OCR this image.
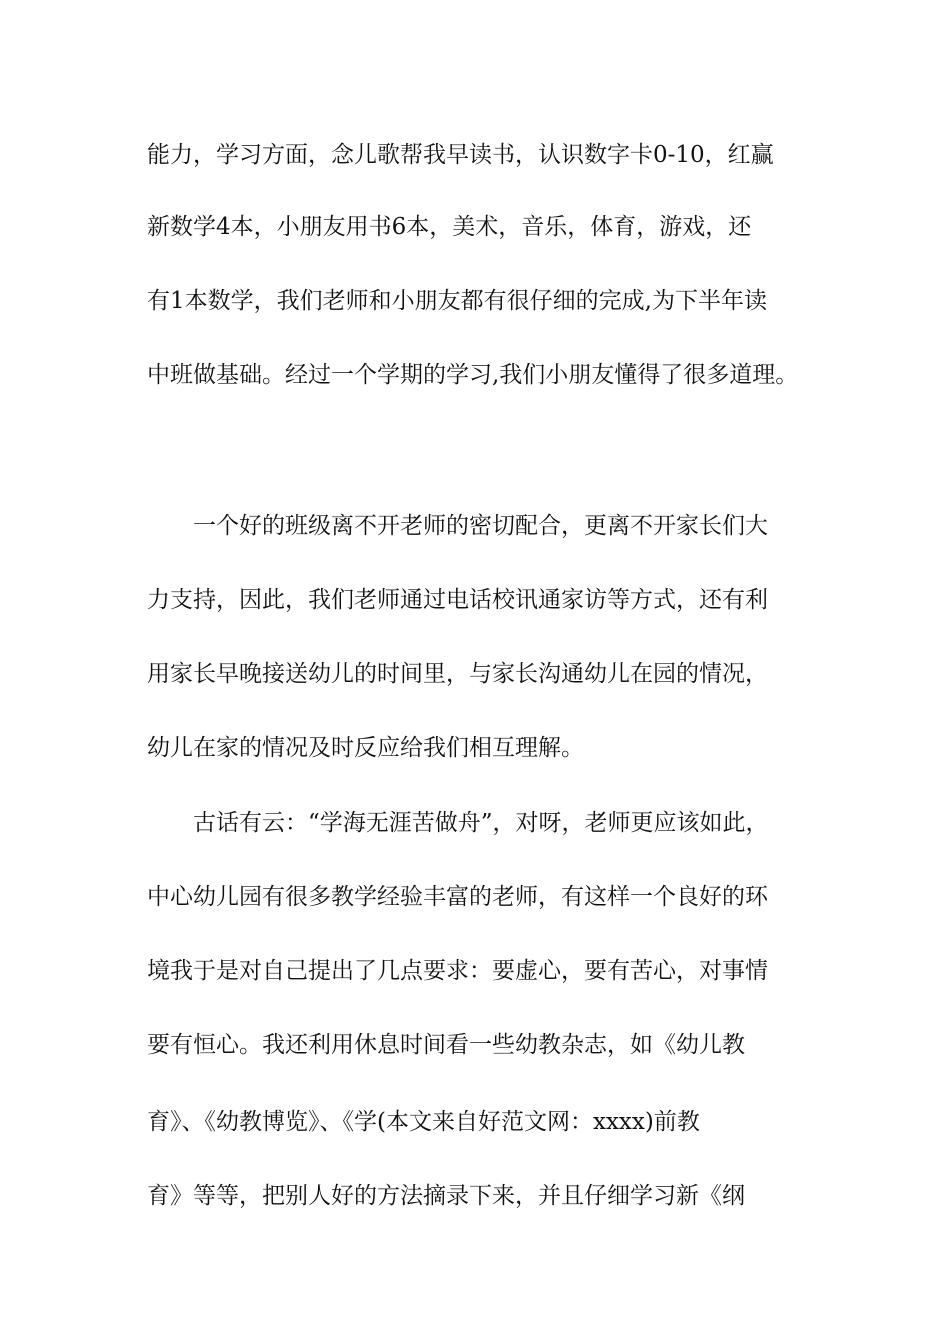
能力，学习方面，念儿歌帮我早读书，认识数字卡0-10，红赢
新数学4本，小朋友用书6本，美术，音乐，体育，游戏，还
有1本数学，我们老师和小朋友都有很仔细的完成,为下半年读
中班做基础。经过一个学期的学习,我们小朋友懂得了很多道理。
一个好的班级离不开老师的密切配合，更离不开家长们大
力支持，因此，我们老师通过电话校讯通家访等方式，还有利
用家长早晚接送幼儿的时间里，与家长沟通幼儿在园的情况，
幼儿在家的情况及时反应给我们相互理解。
古话有云：“学海无涯苦做舟”，对呀，老师更应该如此，
中心幼儿园有很多教学经验丰富的老师，有这样一个良好的环
境我于是对自己提出了几点要求：要虚心，要有苦心，对事情
要有恒心。我还利用休息时间看一些幼教杂志，如《幼儿教
育》、《幼教博览》、《学(本文来自好范文网：xxxx)前教
育》等等，把别人好的方法摘录下来，并且仔细学习新《纲
